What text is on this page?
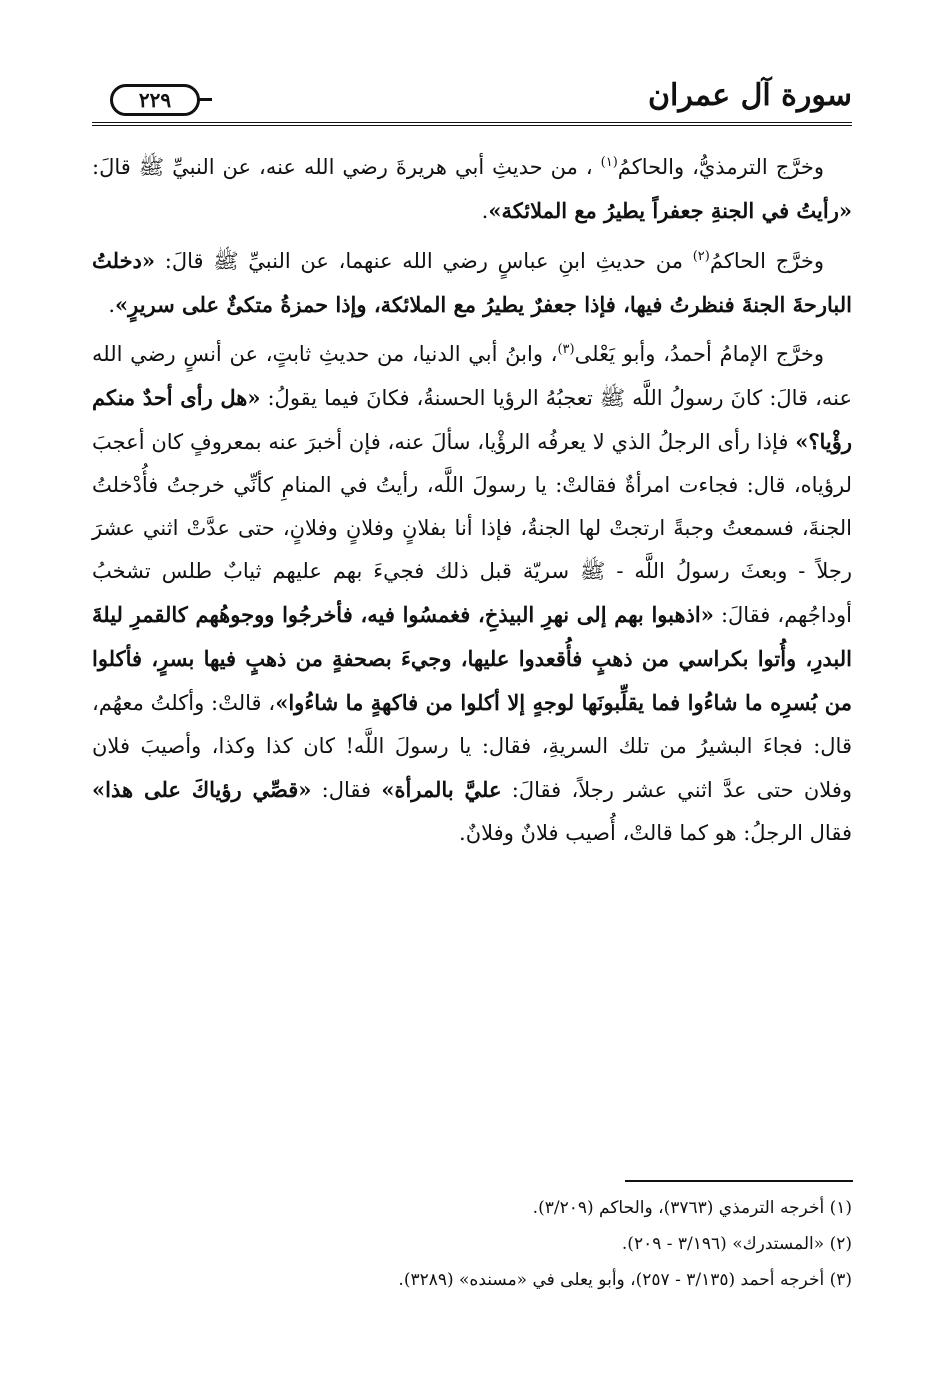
سورة آل عمران
٢٢٩

وخرَّج الترمذيُّ، والحاكمُ$^{(١)}$ ، من حديثِ أبي هريرةَ رضي الله عنه، عن النبيِّ ﷺ قالَ: «رأيتُ في الجنةِ جعفراً يطيرُ مع الملائكة».

وخرَّج الحاكمُ$^{(٢)}$ من حديثِ ابنِ عباسٍ رضي الله عنهما، عن النبيِّ ﷺ قالَ: «دخلتُ البارحةَ الجنةَ فنظرتُ فيها، فإذا جعفرٌ يطيرُ مع الملائكة، وإذا حمزةُ متكئٌ على سريرٍ».

وخرَّج الإمامُ أحمدُ، وأبو يَعْلى$^{(٣)}$، وابنُ أبي الدنيا، من حديثِ ثابتٍ، عن أنسٍ رضي الله عنه، قالَ: كانَ رسولُ اللَّه ﷺ تعجبُهُ الرؤيا الحسنةُ، فكانَ فيما يقولُ: «هل رأى أحدٌ منكم رؤْيا؟» فإذا رأى الرجلُ الذي لا يعرفُه الرؤْيا، سألَ عنه، فإن أخبرَ عنه بمعروفٍ كان أعجبَ لرؤياه، قال: فجاءت امرأةٌ فقالتْ: يا رسولَ اللَّه، رأيتُ في المنامِ كأنِّي خرجتُ فأُدْخلتُ الجنةَ، فسمعتُ وجبةً ارتجتْ لها الجنةُ، فإذا أنا بفلانٍ وفلانٍ وفلانٍ، حتى عدَّتْ اثني عشرَ رجلاً - وبعثَ رسولُ اللَّه - ﷺ سريّة قبل ذلك فجيءَ بهم عليهم ثيابٌ طلس تشخبُ أوداجُهم، فقالَ: «اذهبوا بهم إلى نهرِ البيذخِ، فغمسُوا فيه، فأخرجُوا ووجوهُهم كالقمرِ ليلةَ البدرِ، وأُتوا بكراسي من ذهبٍ فأُقعدوا عليها، وجيءَ بصحفةٍ من ذهبٍ فيها بسرٍ، فأكلوا من بُسرِه ما شاءُوا فما يقلِّبونَها لوجهٍ إلا أكلوا من فاكهةٍ ما شاءُوا»، قالتْ: وأكلتُ معهُم، قال: فجاءَ البشيرُ من تلك السريةِ، فقال: يا رسولَ اللَّه! كان كذا وكذا، وأصيبَ فلان وفلان حتى عدَّ اثني عشر رجلاً، فقالَ: عليَّ بالمرأة» فقال: «قصِّي رؤياكَ على هذا» فقال الرجلُ: هو كما قالتْ، أُصيب فلانٌ وفلانٌ.

(١) أخرجه الترمذي (٣٧٦٣)، والحاكم (٣/٢٠٩).
(٢) «المستدرك» (٣/١٩٦ - ٢٠٩).
(٣) أخرجه أحمد (٣/١٣٥ - ٢٥٧)، وأبو يعلى في «مسنده» (٣٢٨٩).
